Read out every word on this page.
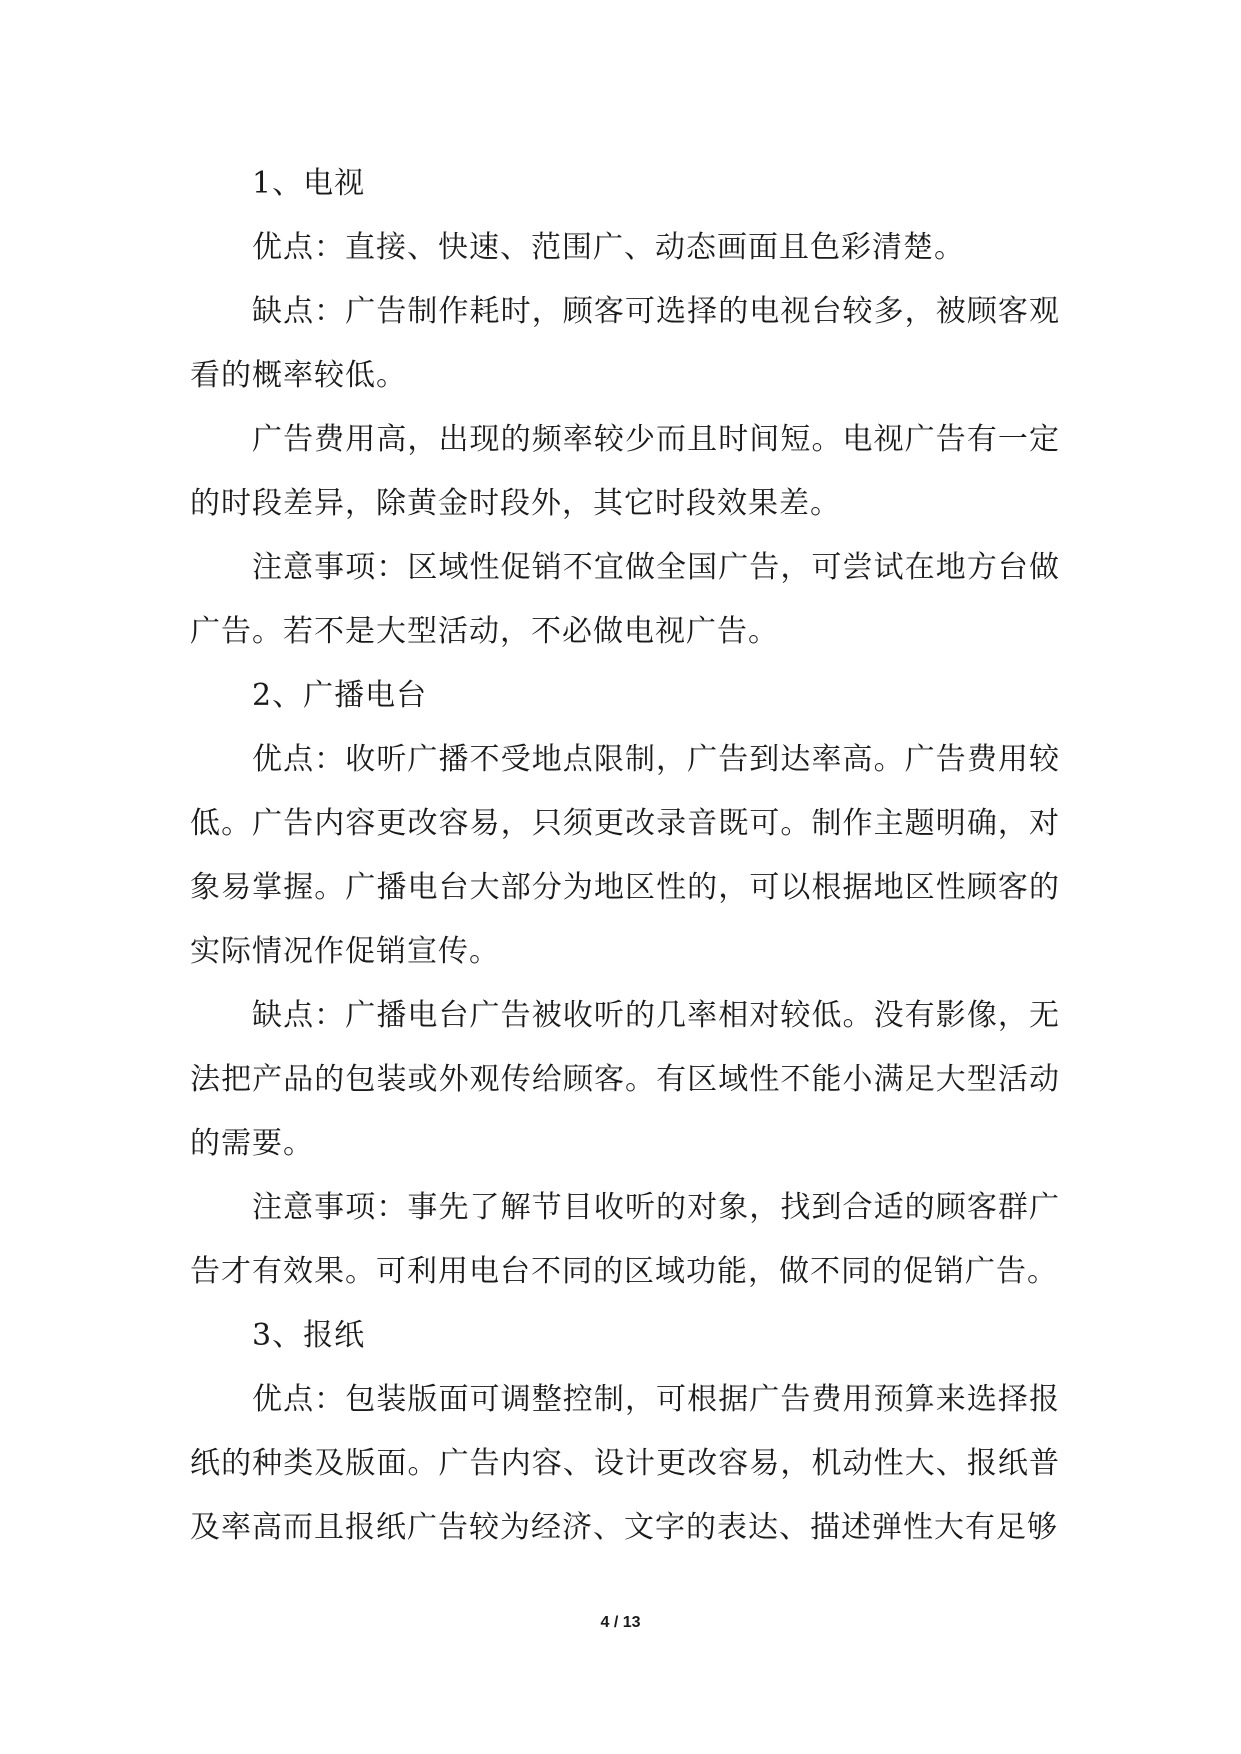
1、电视

优点：直接、快速、范围广、动态画面且色彩清楚。

缺点：广告制作耗时，顾客可选择的电视台较多，被顾客观看的概率较低。

广告费用高，出现的频率较少而且时间短。电视广告有一定的时段差异，除黄金时段外，其它时段效果差。

注意事项：区域性促销不宜做全国广告，可尝试在地方台做广告。若不是大型活动，不必做电视广告。

2、广播电台

优点：收听广播不受地点限制，广告到达率高。广告费用较低。广告内容更改容易，只须更改录音既可。制作主题明确，对象易掌握。广播电台大部分为地区性的，可以根据地区性顾客的实际情况作促销宣传。

缺点：广播电台广告被收听的几率相对较低。没有影像，无法把产品的包装或外观传给顾客。有区域性不能小满足大型活动的需要。

注意事项：事先了解节目收听的对象，找到合适的顾客群广告才有效果。可利用电台不同的区域功能，做不同的促销广告。

3、报纸

优点：包装版面可调整控制，可根据广告费用预算来选择报纸的种类及版面。广告内容、设计更改容易，机动性大、报纸普及率高而且报纸广告较为经济、文字的表达、描述弹性大有足够

4 / 13
